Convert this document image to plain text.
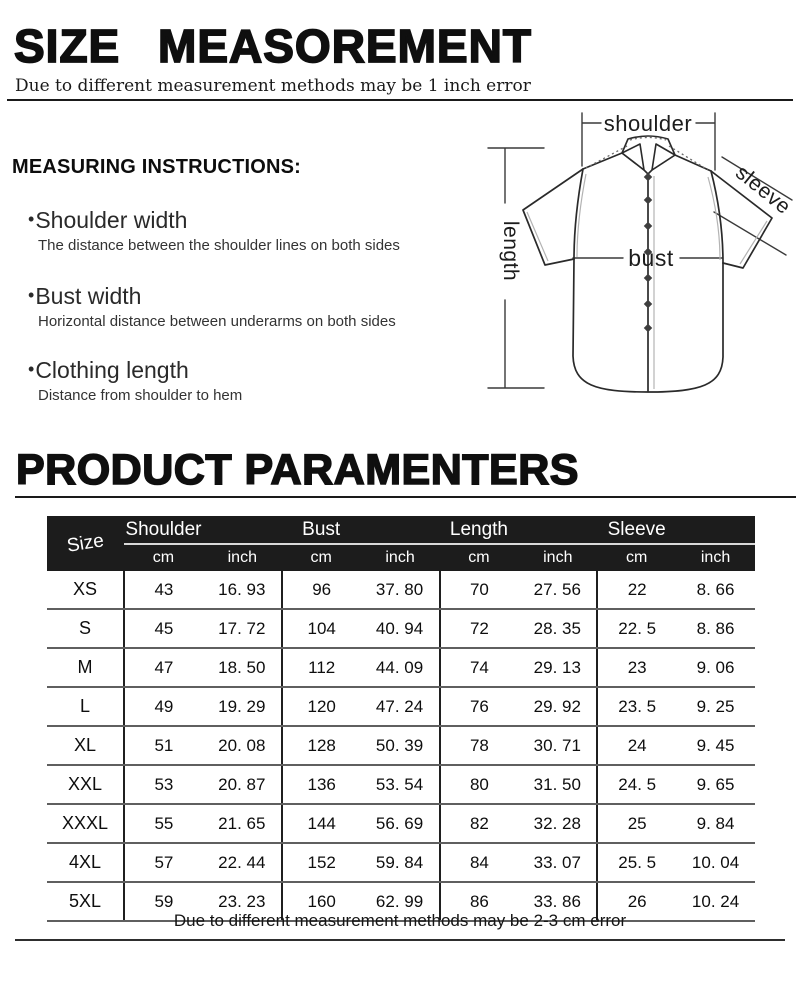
SIZE MEASOREMENT

Due to different measurement methods may be 1 inch error

MEASURING INSTRUCTIONS:
•Shoulder width

The distance between the shoulder lines on both sides

•Bust width

Horizontal distance between underarms on both sides

•Clothing length

Distance from shoulder to hem

shoulder
length	bust
sleeve
PRODUCT PARAMENTERS
Size	Shoulder		Bust		Length		Sleeve	
	cm	inch	cm	inch	cm	inch	cm	inch
XS	43	16. 93	96	37. 80	70	27. 56	22	8. 66
S	45	17. 72	104	40. 94	72	28. 35	22. 5	8. 86
M	47	18. 50	112	44. 09	74	29. 13	23	9. 06
L	49	19. 29	120	47. 24	76	29. 92	23. 5	9. 25
XL	51	20. 08	128	50. 39	78	30. 71	24	9. 45
XXL	53	20. 87	136	53. 54	80	31. 50	24. 5	9. 65
XXXL	55	21. 65	144	56. 69	82	32. 28	25	9. 84
4XL	57	22. 44	152	59. 84	84	33. 07	25. 5	10. 04
5XL	59	23. 23	160	62. 99	86	33. 86	26	10. 24

Due to different measurement methods may be 2-3 cm error
